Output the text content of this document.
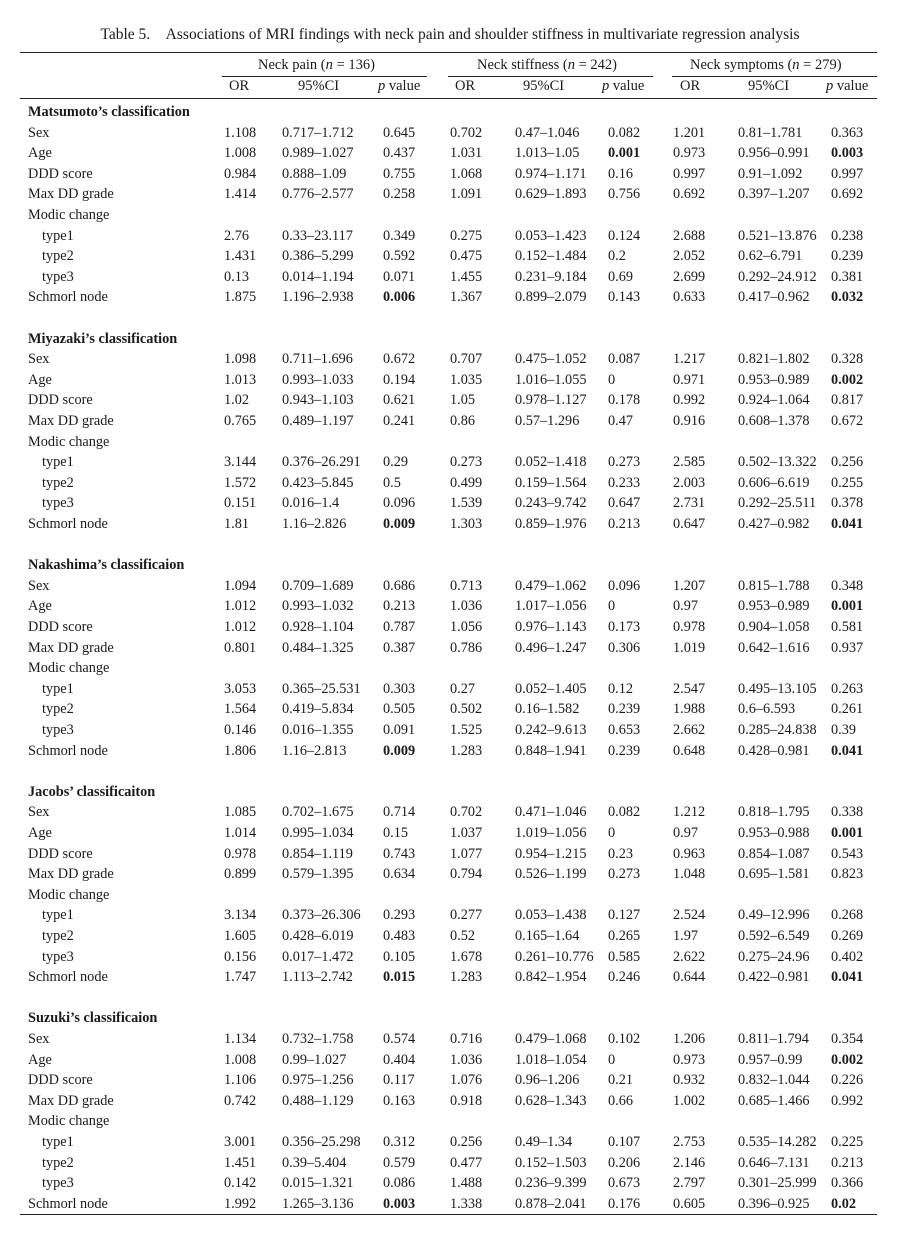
Table 5. Associations of MRI findings with neck pain and shoulder stiffness in multivariate regression analysis
Neck pain (n = 136)	Neck stiffness (n = 242)	Neck symptoms (n = 279)
OR	95%CI	p value OR	95%CI	p value OR	95%CI	p value
Matsumoto’s classification
Sex	1.108 0.717–1.712 0.645 0.702 0.47–1.046 0.082 1.201 0.81–1.781 0.363
Age	1.008 0.989–1.027 0.437 1.031 1.013–1.05 0.001 0.973 0.956–0.991 0.003
DDD score	0.984 0.888–1.09	0.755 1.068 0.974–1.171 0.16	0.997 0.91–1.092 0.997
Max DD grade	1.414 0.776–2.577 0.258 1.091 0.629–1.893 0.756 0.692 0.397–1.207 0.692
Modic change
type1	2.76 0.33–23.117 0.349 0.275 0.053–1.423 0.124 2.688 0.521–13.876 0.238
type2	1.431 0.386–5.299 0.592 0.475 0.152–1.484 0.2	2.052 0.62–6.791 0.239
type3	0.13 0.014–1.194 0.071 1.455 0.231–9.184 0.69	2.699 0.292–24.912 0.381
Schmorl node	1.875 1.196–2.938 0.006 1.367 0.899–2.079 0.143 0.633 0.417–0.962 0.032
Miyazaki’s classification
Sex	1.098 0.711–1.696 0.672 0.707 0.475–1.052 0.087 1.217 0.821–1.802 0.328
Age	1.013 0.993–1.033 0.194 1.035 1.016–1.055 0	0.971 0.953–0.989 0.002
DDD score	1.02 0.943–1.103 0.621 1.05	0.978–1.127 0.178 0.992 0.924–1.064 0.817
Max DD grade	0.765 0.489–1.197 0.241 0.86	0.57–1.296 0.47	0.916 0.608–1.378 0.672
Modic change
type1	3.144 0.376–26.291 0.29	0.273 0.052–1.418 0.273 2.585 0.502–13.322 0.256
type2	1.572 0.423–5.845 0.5	0.499 0.159–1.564 0.233 2.003 0.606–6.619 0.255
type3	0.151 0.016–1.4	0.096 1.539 0.243–9.742 0.647 2.731 0.292–25.511 0.378
Schmorl node	1.81 1.16–2.826	0.009 1.303 0.859–1.976 0.213 0.647 0.427–0.982 0.041
Nakashima’s classificaion
Sex	1.094 0.709–1.689 0.686 0.713 0.479–1.062 0.096 1.207 0.815–1.788 0.348
Age	1.012 0.993–1.032 0.213 1.036 1.017–1.056 0	0.97	0.953–0.989 0.001
DDD score	1.012 0.928–1.104 0.787 1.056 0.976–1.143 0.173 0.978 0.904–1.058 0.581
Max DD grade	0.801 0.484–1.325 0.387 0.786 0.496–1.247 0.306 1.019 0.642–1.616 0.937
Modic change
type1	3.053 0.365–25.531 0.303 0.27	0.052–1.405 0.12	2.547 0.495–13.105 0.263
type2	1.564 0.419–5.834 0.505 0.502 0.16–1.582 0.239 1.988 0.6–6.593	0.261
type3	0.146 0.016–1.355 0.091 1.525 0.242–9.613 0.653 2.662 0.285–24.838 0.39
Schmorl node	1.806 1.16–2.813	0.009 1.283 0.848–1.941 0.239 0.648 0.428–0.981 0.041
Jacobs’ classificaiton
Sex	1.085 0.702–1.675 0.714 0.702 0.471–1.046 0.082 1.212 0.818–1.795 0.338
Age	1.014 0.995–1.034 0.15	1.037 1.019–1.056 0	0.97	0.953–0.988 0.001
DDD score	0.978 0.854–1.119 0.743 1.077 0.954–1.215 0.23	0.963 0.854–1.087 0.543
Max DD grade	0.899 0.579–1.395 0.634 0.794 0.526–1.199 0.273 1.048 0.695–1.581 0.823
Modic change
type1	3.134 0.373–26.306 0.293 0.277 0.053–1.438 0.127 2.524 0.49–12.996 0.268
type2	1.605 0.428–6.019 0.483 0.52	0.165–1.64 0.265 1.97	0.592–6.549 0.269
type3	0.156 0.017–1.472 0.105 1.678 0.261–10.776 0.585 2.622 0.275–24.96 0.402
Schmorl node	1.747 1.113–2.742 0.015 1.283 0.842–1.954 0.246 0.644 0.422–0.981 0.041
Suzuki’s classificaion
Sex	1.134 0.732–1.758 0.574 0.716 0.479–1.068 0.102 1.206 0.811–1.794 0.354
Age	1.008 0.99–1.027	0.404 1.036 1.018–1.054 0	0.973 0.957–0.99 0.002
DDD score	1.106 0.975–1.256 0.117 1.076 0.96–1.206 0.21	0.932 0.832–1.044 0.226
Max DD grade	0.742 0.488–1.129 0.163 0.918 0.628–1.343 0.66	1.002 0.685–1.466 0.992
Modic change
type1	3.001 0.356–25.298 0.312 0.256 0.49–1.34	0.107 2.753 0.535–14.282 0.225
type2	1.451 0.39–5.404	0.579 0.477 0.152–1.503 0.206 2.146 0.646–7.131 0.213
type3	0.142 0.015–1.321 0.086 1.488 0.236–9.399 0.673 2.797 0.301–25.999 0.366
Schmorl node	1.992 1.265–3.136 0.003 1.338 0.878–2.041 0.176 0.605 0.396–0.925 0.02
